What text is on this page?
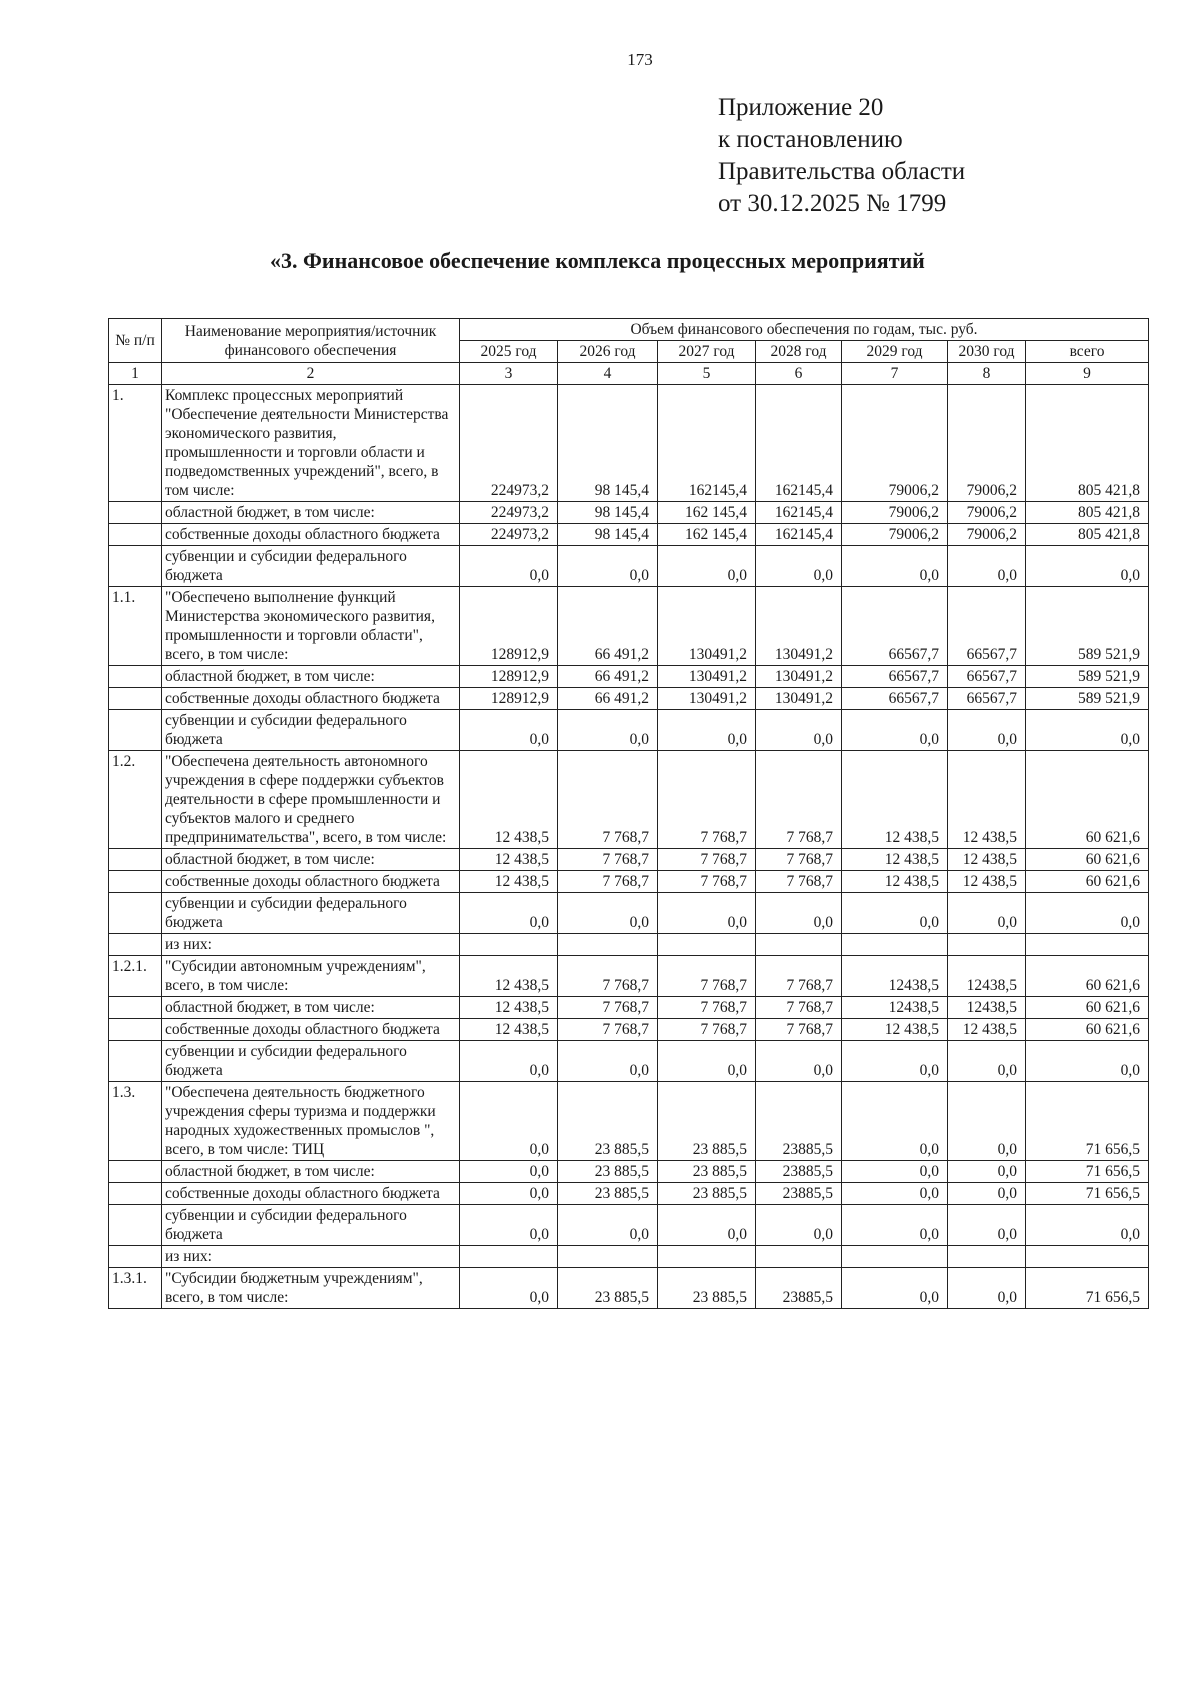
173
Приложение 20
к постановлению
Правительства области
от 30.12.2025 № 1799
«3. Финансовое обеспечение комплекса процессных мероприятий
№ п/п	Наименование мероприятия/источник финансового обеспечения	Объем финансового обеспечения по годам, тыс. руб.						
		2025 год	2026 год	2027 год	2028 год	2029 год	2030 год	всего
1	2	3	4	5	6	7	8	9
1.	Комплекс процессных мероприятий "Обеспечение деятельности Министерства экономического развития, промышленности и торговли области и подведомственных учреждений", всего, в том числе:	224973,2	98 145,4	162145,4	162145,4	79006,2	79006,2	805 421,8
	областной бюджет, в том числе:	224973,2	98 145,4	162 145,4	162145,4	79006,2	79006,2	805 421,8
	собственные доходы областного бюджета	224973,2	98 145,4	162 145,4	162145,4	79006,2	79006,2	805 421,8
	субвенции и субсидии федерального бюджета	0,0	0,0	0,0	0,0	0,0	0,0	0,0
1.1.	"Обеспечено выполнение функций Министерства экономического развития, промышленности и торговли области", всего, в том числе:	128912,9	66 491,2	130491,2	130491,2	66567,7	66567,7	589 521,9
	областной бюджет, в том числе:	128912,9	66 491,2	130491,2	130491,2	66567,7	66567,7	589 521,9
	собственные доходы областного бюджета	128912,9	66 491,2	130491,2	130491,2	66567,7	66567,7	589 521,9
	субвенции и субсидии федерального бюджета	0,0	0,0	0,0	0,0	0,0	0,0	0,0
1.2.	"Обеспечена деятельность автономного учреждения в сфере поддержки субъектов деятельности в сфере промышленности и субъектов малого и среднего предпринимательства", всего, в том числе:	12 438,5	7 768,7	7 768,7	7 768,7	12 438,5	12 438,5	60 621,6
	областной бюджет, в том числе:	12 438,5	7 768,7	7 768,7	7 768,7	12 438,5	12 438,5	60 621,6
	собственные доходы областного бюджета	12 438,5	7 768,7	7 768,7	7 768,7	12 438,5	12 438,5	60 621,6
	субвенции и субсидии федерального бюджета	0,0	0,0	0,0	0,0	0,0	0,0	0,0
	из них:							
1.2.1.	"Субсидии автономным учреждениям", всего, в том числе:	12 438,5	7 768,7	7 768,7	7 768,7	12438,5	12438,5	60 621,6
	областной бюджет, в том числе:	12 438,5	7 768,7	7 768,7	7 768,7	12438,5	12438,5	60 621,6
	собственные доходы областного бюджета	12 438,5	7 768,7	7 768,7	7 768,7	12 438,5	12 438,5	60 621,6
	субвенции и субсидии федерального бюджета	0,0	0,0	0,0	0,0	0,0	0,0	0,0
1.3.	"Обеспечена деятельность бюджетного учреждения сферы туризма и поддержки народных художественных промыслов ", всего, в том числе: ТИЦ	0,0	23 885,5	23 885,5	23885,5	0,0	0,0	71 656,5
	областной бюджет, в том числе:	0,0	23 885,5	23 885,5	23885,5	0,0	0,0	71 656,5
	собственные доходы областного бюджета	0,0	23 885,5	23 885,5	23885,5	0,0	0,0	71 656,5
	субвенции и субсидии федерального бюджета	0,0	0,0	0,0	0,0	0,0	0,0	0,0
	из них:							
1.3.1.	"Субсидии бюджетным учреждениям", всего, в том числе:	0,0	23 885,5	23 885,5	23885,5	0,0	0,0	71 656,5
